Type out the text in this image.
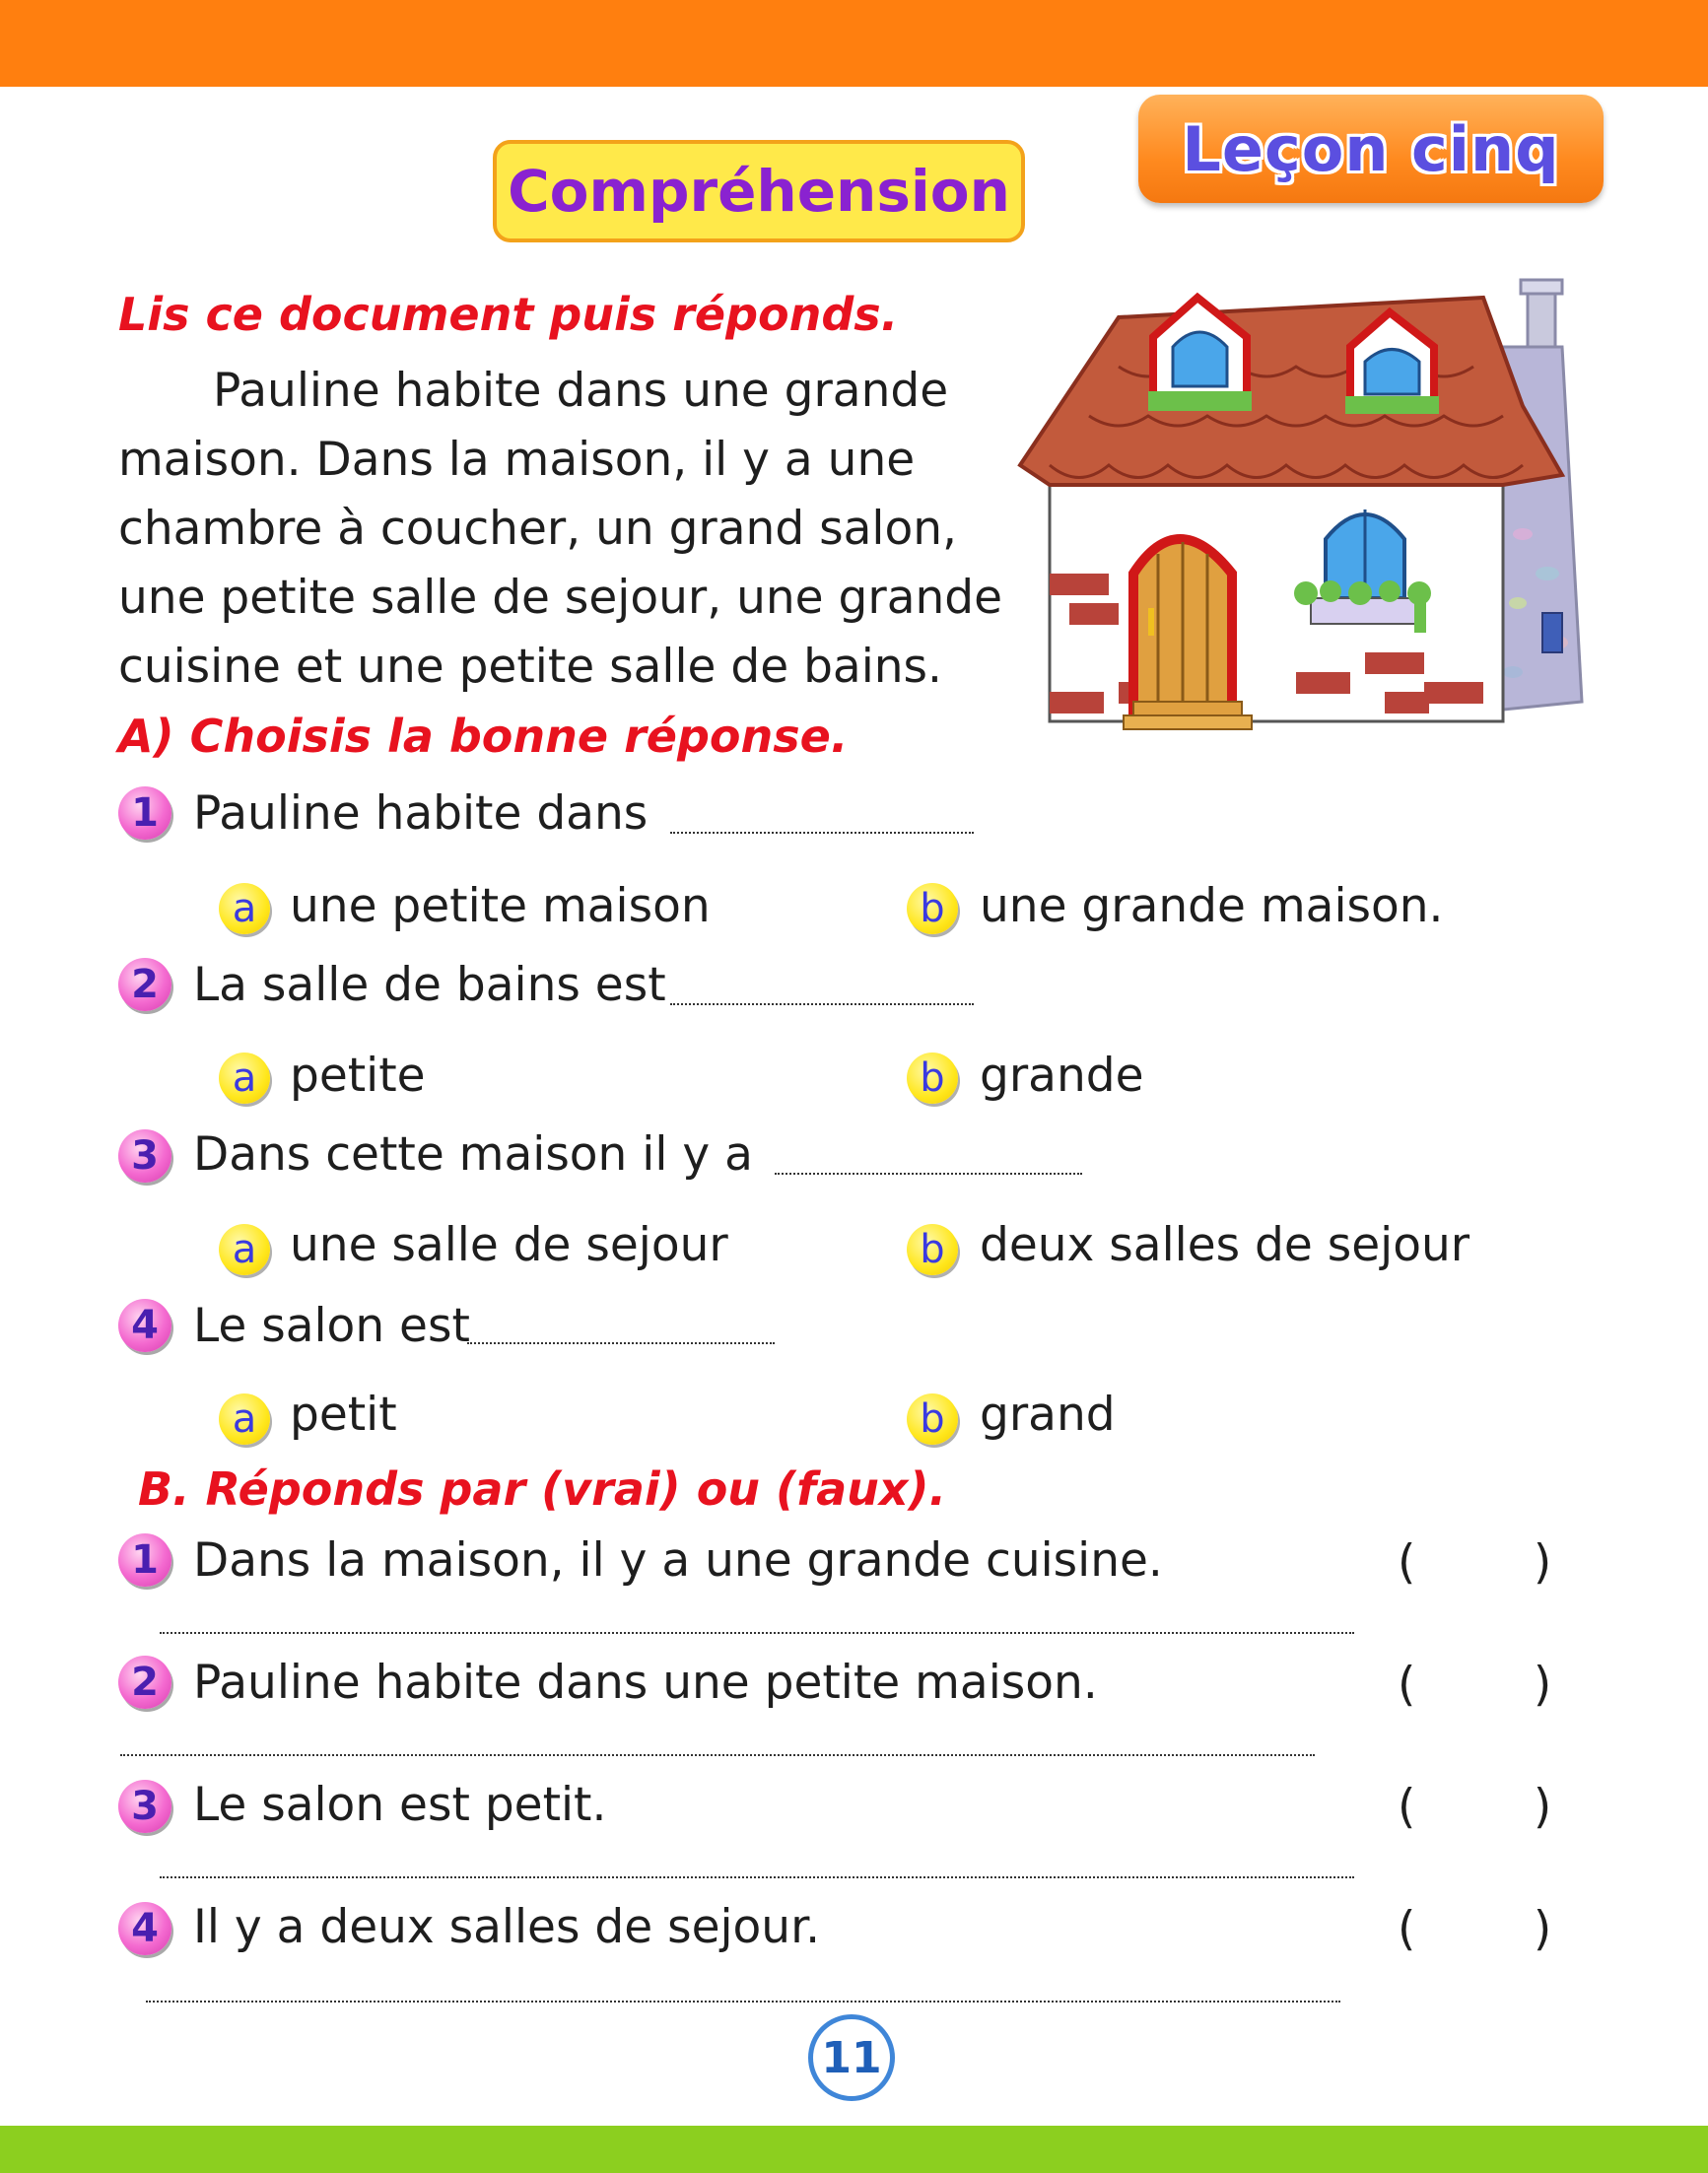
Leçon cinq
Compréhension
Lis ce document puis réponds.
Pauline habite dans une grande
maison. Dans la maison, il y a une
chambre à coucher, un grand salon,
une petite salle de sejour, une grande
cuisine et une petite salle de bains.
A) Choisis la bonne réponse.
1 Pauline habite dans
a une petite maison	b une grande maison.
2 La salle de bains est
a petite	b grande
3 Dans cette maison il y a
a une salle de sejour	b deux salles de sejour
4 Le salon est
a petit	b grand
B. Réponds par (vrai) ou (faux).
1 Dans la maison, il y a une grande cuisine.	(        )
2 Pauline habite dans une petite maison.	(        )
3 Le salon est petit.	(        )
4 Il y a deux salles de sejour.	(        )
11
